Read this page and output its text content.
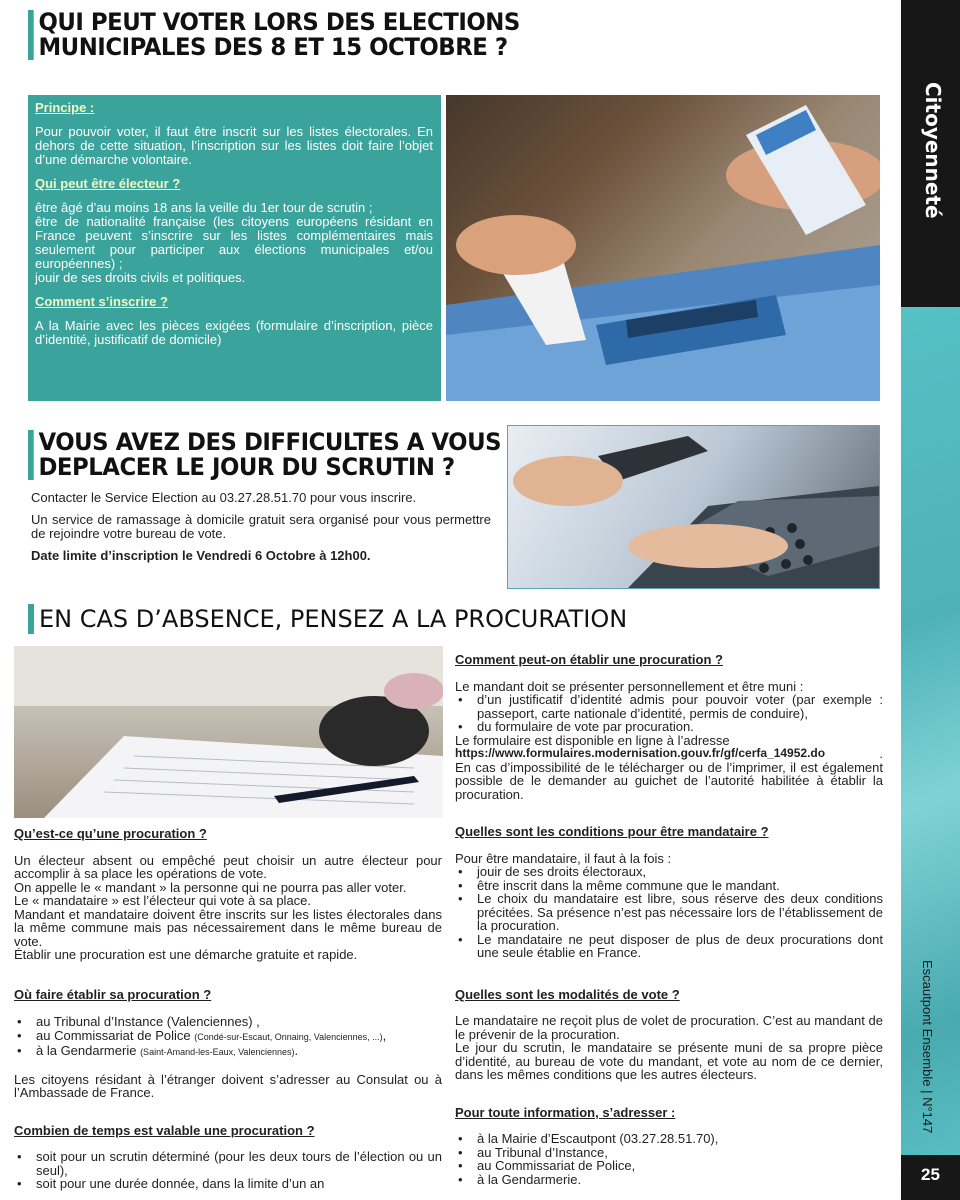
Citoyenneté
Escautpont Ensemble | N°147
25
QUI PEUT VOTER LORS DES ELECTIONS
MUNICIPALES DES 8 ET 15 OCTOBRE ?
Principe :

Pour pouvoir voter, il faut être inscrit sur les listes électorales. En dehors de cette situation, l’inscription sur les listes doit faire l’objet d’une démarche volontaire.

Qui peut être électeur ?

être âgé d’au moins 18 ans la veille du 1er tour de scrutin ;

être de nationalité française (les citoyens européens résidant en France peuvent s’inscrire sur les listes complémentaires mais seulement pour participer aux élections municipales et/ou européennes) ;

jouir de ses droits civils et politiques.

Comment s’inscrire ?

A la Mairie avec les pièces exigées (formulaire d’inscription, pièce d’identité, justificatif de domicile)

VOUS AVEZ DES DIFFICULTES A VOUS
DEPLACER LE JOUR DU SCRUTIN ?

Contacter le Service Election au 03.27.28.51.70 pour vous inscrire.

Un service de ramassage à domicile gratuit sera organisé pour vous permettre de rejoindre votre bureau de vote.

Date limite d’inscription le Vendredi 6 Octobre à 12h00.

EN CAS D’ABSENCE, PENSEZ A LA PROCURATION

Qu’est-ce qu’une procuration ?

Un électeur absent ou empêché peut choisir un autre électeur pour accomplir à sa place les opérations de vote.

On appelle le « mandant » la personne qui ne pourra pas aller voter.

Le « mandataire » est l’électeur qui vote à sa place.

Mandant et mandataire doivent être inscrits sur les listes électorales dans la même commune mais pas nécessairement dans le même bureau de vote.

Établir une procuration est une démarche gratuite et rapide.

Où faire établir sa procuration ?

• au Tribunal d’Instance (Valenciennes) ,
• au Commissariat de Police (Condé-sur-Escaut, Onnaing, Valenciennes, ...),
• à la Gendarmerie (Saint-Amand-les-Eaux, Valenciennes).

Les citoyens résidant à l’étranger doivent s’adresser au Consulat ou à l’Ambassade de France.

Combien de temps est valable une procuration ?

• soit pour un scrutin déterminé (pour les deux tours de l’élection ou un seul),
• soit pour une durée donnée, dans la limite d’un an

Comment peut-on établir une procuration ?

Le mandant doit se présenter personnellement et être muni :

• d’un justificatif d’identité admis pour pouvoir voter (par exemple : passeport, carte nationale d’identité, permis de conduire),
• du formulaire de vote par procuration.

Le formulaire est disponible en ligne à l’adresse

https://www.formulaires.modernisation.gouv.fr/gf/cerfa_14952.do	.

En cas d’impossibilité de le télécharger ou de l’imprimer, il est également possible de le demander au guichet de l’autorité habilitée à établir la procuration.

Quelles sont les conditions pour être mandataire ?

Pour être mandataire, il faut à la fois :

• jouir de ses droits électoraux,
• être inscrit dans la même commune que le mandant.
• Le choix du mandataire est libre, sous réserve des deux conditions précitées. Sa présence n’est pas nécessaire lors de l’établissement de la procuration.
• Le mandataire ne peut disposer de plus de deux procurations dont une seule établie en France.

Quelles sont les modalités de vote ?

Le mandataire ne reçoit plus de volet de procuration. C’est au mandant de le prévenir de la procuration.

Le jour du scrutin, le mandataire se présente muni de sa propre pièce d’identité, au bureau de vote du mandant, et vote au nom de ce dernier, dans les mêmes conditions que les autres électeurs.

Pour toute information, s’adresser :

• à la Mairie d’Escautpont (03.27.28.51.70),
• au Tribunal d’Instance,
• au Commissariat de Police,
• à la Gendarmerie.
